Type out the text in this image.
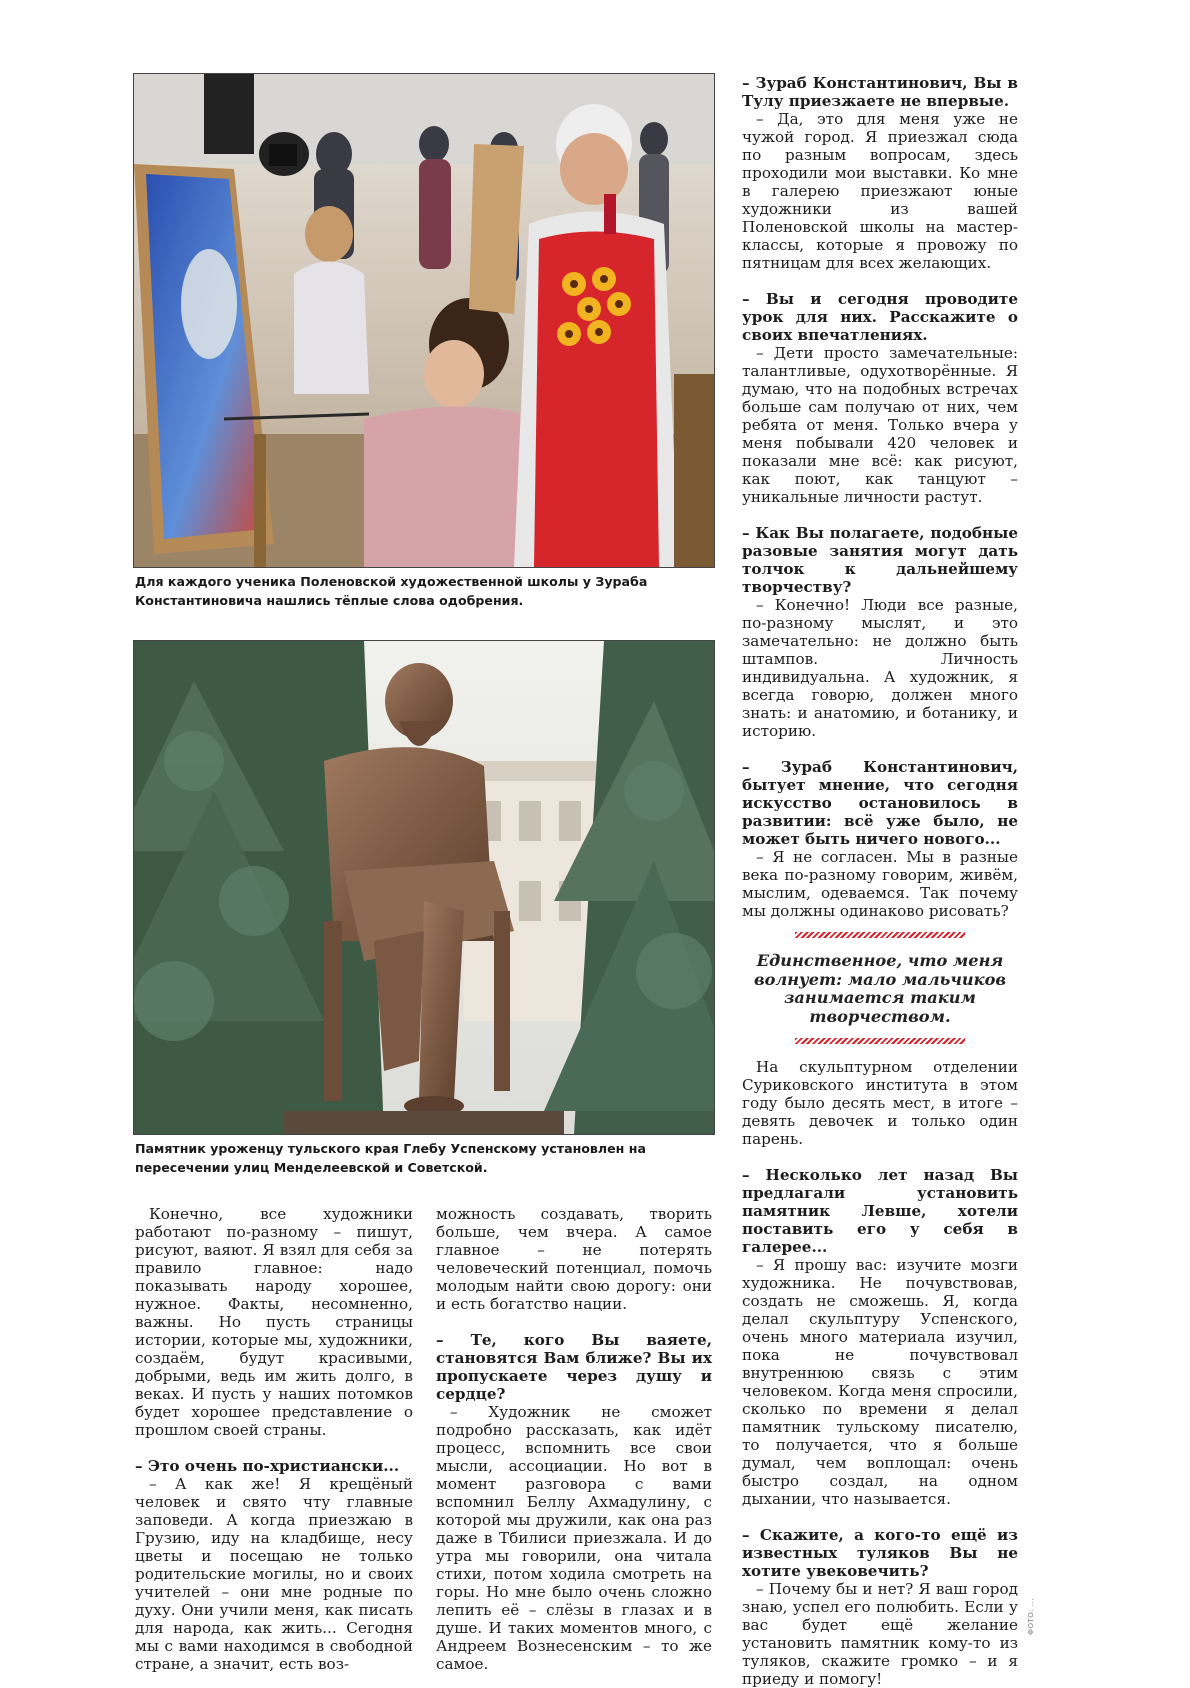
Для каждого ученика Поленовской художественной школы у Зураба Константиновича нашлись тёплые слова одобрения.
Памятник уроженцу тульского края Глебу Успенскому установлен на пересечении улиц Менделеевской и Советской.

– Зураб Константинович, Вы в Тулу приезжаете не впервые.

– Да, это для меня уже не чужой город. Я приезжал сюда по разным вопросам, здесь проходили мои выставки. Ко мне в галерею приезжают юные художники из вашей Поленовской школы на мастер-классы, которые я провожу по пятницам для всех желающих.

– Вы и сегодня проводите урок для них. Расскажите о своих впечатлениях.

– Дети просто замечательные: талантливые, одухотворённые. Я думаю, что на подобных встречах больше сам получаю от них, чем ребята от меня. Только вчера у меня побывали 420 человек и показали мне всё: как рисуют, как поют, как танцуют – уникальные личности растут.

– Как Вы полагаете, подобные разовые занятия могут дать толчок к дальнейшему творчеству?

– Конечно! Люди все разные, по-разному мыслят, и это замечательно: не должно быть штампов. Личность индивидуальна. А художник, я всегда говорю, должен много знать: и анатомию, и ботанику, и историю.

– Зураб Константинович, бытует мнение, что сегодня искусство остановилось в развитии: всё уже было, не может быть ничего нового...

– Я не согласен. Мы в разные века по-разному говорим, живём, мыслим, одеваемся. Так почему мы должны одинаково рисовать?

Единственное, что меня волнует: мало мальчиков занимается таким творчеством.

На скульптурном отделении Суриковского института в этом году было десять мест, в итоге – девять девочек и только один парень.

– Несколько лет назад Вы предлагали установить памятник Левше, хотели поставить его у себя в галерее...

– Я прошу вас: изучите мозги художника. Не почувствовав, создать не сможешь. Я, когда делал скульптуру Успенского, очень много материала изучил, пока не почувствовал внутреннюю связь с этим человеком. Когда меня спросили, сколько по времени я делал памятник тульскому писателю, то получается, что я больше думал, чем воплощал: очень быстро создал, на одном дыхании, что называется.

– Скажите, а кого-то ещё из известных туляков Вы не хотите увековечить?

– Почему бы и нет? Я ваш город знаю, успел его полюбить. Если у вас будет ещё желание установить памятник кому-то из туляков, скажите громко – и я приеду и помогу!

Конечно, все художники работают по-разному – пишут, рисуют, ваяют. Я взял для себя за правило главное: надо показывать народу хорошее, нужное. Факты, несомненно, важны. Но пусть страницы истории, которые мы, художники, создаём, будут красивыми, добрыми, ведь им жить долго, в веках. И пусть у наших потомков будет хорошее представление о прошлом своей страны.

– Это очень по-христиански...

– А как же! Я крещёный человек и свято чту главные заповеди. А когда приезжаю в Грузию, иду на кладбище, несу цветы и посещаю не только родительские могилы, но и своих учителей – они мне родные по духу. Они учили меня, как писать для народа, как жить... Сегодня мы с вами находимся в свободной стране, а значит, есть воз-

можность создавать, творить больше, чем вчера. А самое главное – не потерять человеческий потенциал, помочь молодым найти свою дорогу: они и есть богатство нации.

– Те, кого Вы ваяете, становятся Вам ближе? Вы их пропускаете через душу и сердце?

– Художник не сможет подробно рассказать, как идёт процесс, вспомнить все свои мысли, ассоциации. Но вот в момент разговора с вами вспомнил Беллу Ахмадулину, с которой мы дружили, как она раз даже в Тбилиси приезжала. И до утра мы говорили, она читала стихи, потом ходила смотреть на горы. Но мне было очень сложно лепить её – слёзы в глазах и в душе. И таких моментов много, с Андреем Вознесенским – то же самое.

ФОТО: ...
